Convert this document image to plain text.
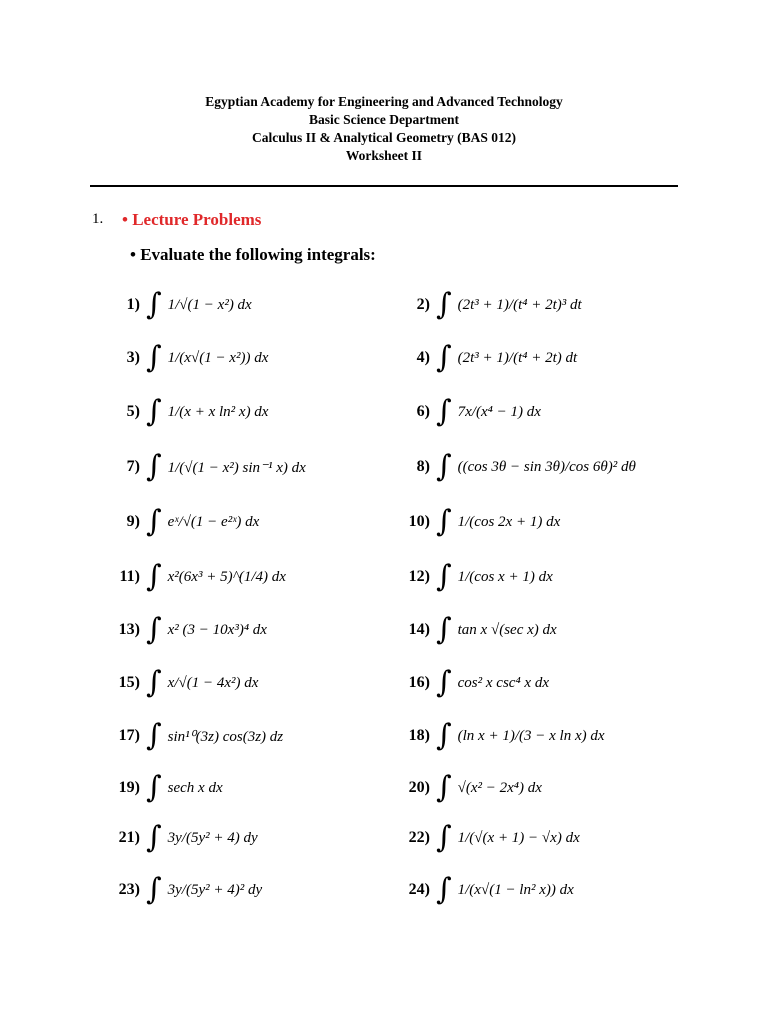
Egyptian Academy for Engineering and Advanced Technology
Basic Science Department
Calculus II & Analytical Geometry (BAS 012)
Worksheet II
1. • Lecture Problems
• Evaluate the following integrals:
1) ∫ 1/√(1 − x²) dx	2) ∫ (2t³ + 1)/(t⁴ + 2t)³ dt
3) ∫ 1/(x√(1 − x²)) dx	4) ∫ (2t³ + 1)/(t⁴ + 2t) dt
5) ∫ 1/(x + x ln² x) dx	6) ∫ 7x/(x⁴ − 1) dx
7) ∫ 1/(√(1 − x²) sin⁻¹ x) dx	8) ∫ ((cos 3θ − sin 3θ)/cos 6θ)² dθ
9) ∫ eˣ/√(1 − e²ˣ) dx	10) ∫ 1/(cos 2x + 1) dx
11) ∫ x²(6x³ + 5)^(1/4) dx	12) ∫ 1/(cos x + 1) dx
13) ∫ x² (3 − 10x³)⁴ dx	14) ∫ tan x √(sec x) dx
15) ∫ x/√(1 − 4x²) dx	16) ∫ cos² x csc⁴ x dx
17) ∫ sin¹⁰(3z) cos(3z) dz	18) ∫ (ln x + 1)/(3 − x ln x) dx
19) ∫ sech x dx	20) ∫ √(x² − 2x⁴) dx
21) ∫ 3y/(5y² + 4) dy	22) ∫ 1/(√(x + 1) − √x) dx
23) ∫ 3y/(5y² + 4)² dy	24) ∫ 1/(x√(1 − ln² x)) dx
